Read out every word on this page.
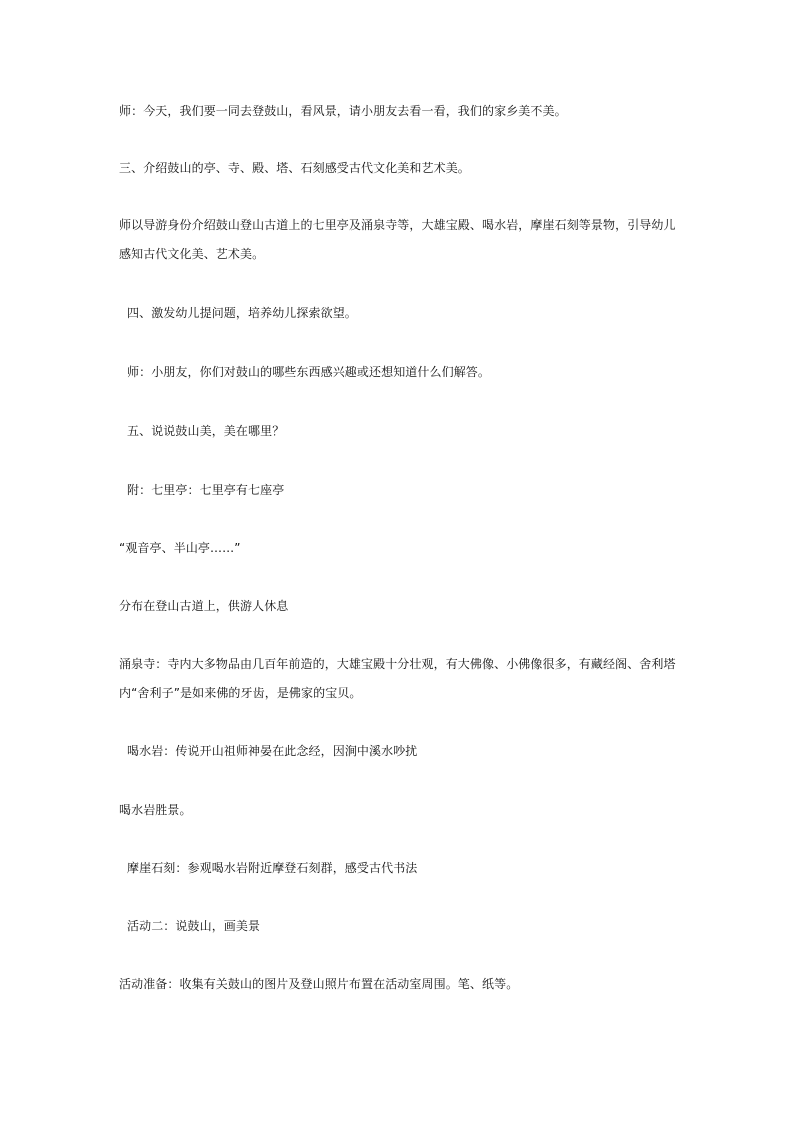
师：今天，我们要一同去登鼓山，看风景，请小朋友去看一看，我们的家乡美不美。
三、介绍鼓山的亭、寺、殿、塔、石刻感受古代文化美和艺术美。
师以导游身份介绍鼓山登山古道上的七里亭及涌泉寺等，大雄宝殿、喝水岩，摩崖石刻等景物，引导幼儿
感知古代文化美、艺术美。
四、激发幼儿提问题，培养幼儿探索欲望。
师：小朋友，你们对鼓山的哪些东西感兴趣或还想知道什么们解答。
五、说说鼓山美，美在哪里？
附：七里亭：七里亭有七座亭
“观音亭、半山亭……”
分布在登山古道上，供游人休息
涌泉寺：寺内大多物品由几百年前造的，大雄宝殿十分壮观，有大佛像、小佛像很多，有藏经阁、舍利塔
内“舍利子”是如来佛的牙齿，是佛家的宝贝。
喝水岩：传说开山祖师神晏在此念经，因涧中溪水吵扰
喝水岩胜景。
摩崖石刻：参观喝水岩附近摩登石刻群，感受古代书法
活动二：说鼓山，画美景
活动准备：收集有关鼓山的图片及登山照片布置在活动室周围。笔、纸等。
